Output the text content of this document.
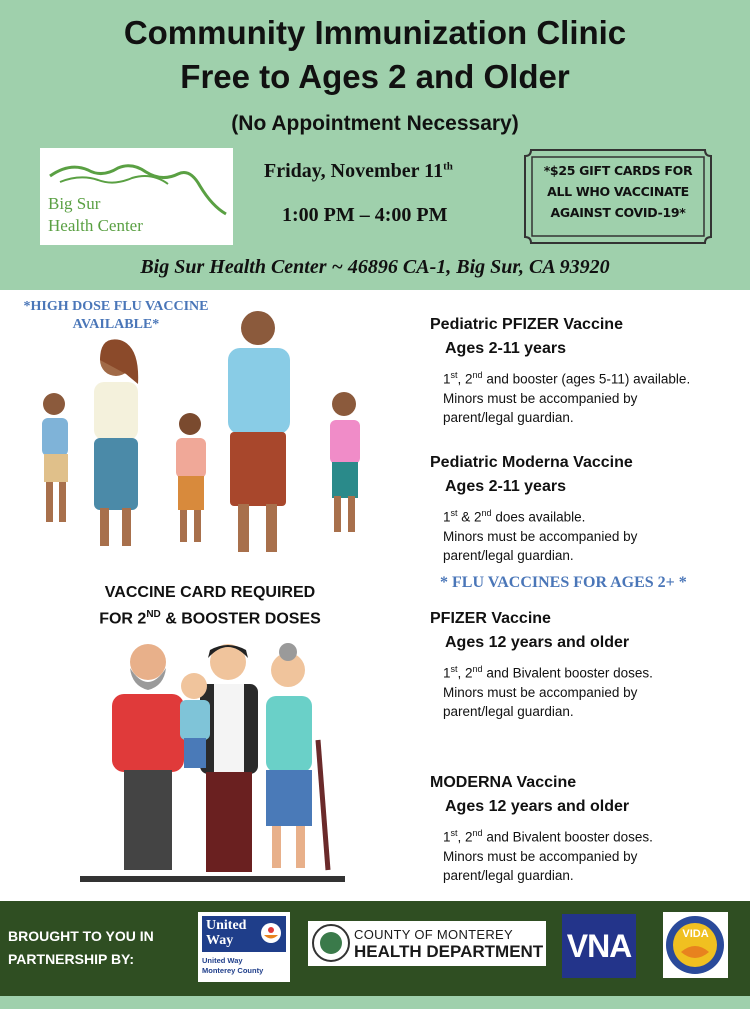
Community Immunization Clinic
Free to Ages 2 and Older
(No Appointment Necessary)
Big Sur
Health Center
Friday, November 11th
1:00 PM – 4:00 PM
*$25 GIFT CARDS FOR
ALL WHO VACCINATE
AGAINST COVID-19*
Big Sur Health Center ~ 46896 CA-1, Big Sur, CA 93920
*HIGH DOSE FLU VACCINE
AVAILABLE*
VACCINE CARD REQUIRED
FOR 2ND & BOOSTER DOSES
Pediatric PFIZER Vaccine
Ages 2-11 years
1st, 2nd and booster (ages 5-11) available.
Minors must be accompanied by
parent/legal guardian.
Pediatric Moderna Vaccine
Ages 2-11 years
1st & 2nd does available.
Minors must be accompanied by
parent/legal guardian.
* FLU VACCINES FOR AGES 2+ *
PFIZER Vaccine
Ages 12 years and older
1st, 2nd and Bivalent booster doses.
Minors must be accompanied by
parent/legal guardian.
MODERNA Vaccine
Ages 12 years and older
1st, 2nd and Bivalent booster doses.
Minors must be accompanied by
parent/legal guardian.
BROUGHT TO YOU IN
PARTNERSHIP BY:
United
Way
United Way
Monterey County
COUNTY OF MONTEREY
HEALTH DEPARTMENT VNA	VIDA
